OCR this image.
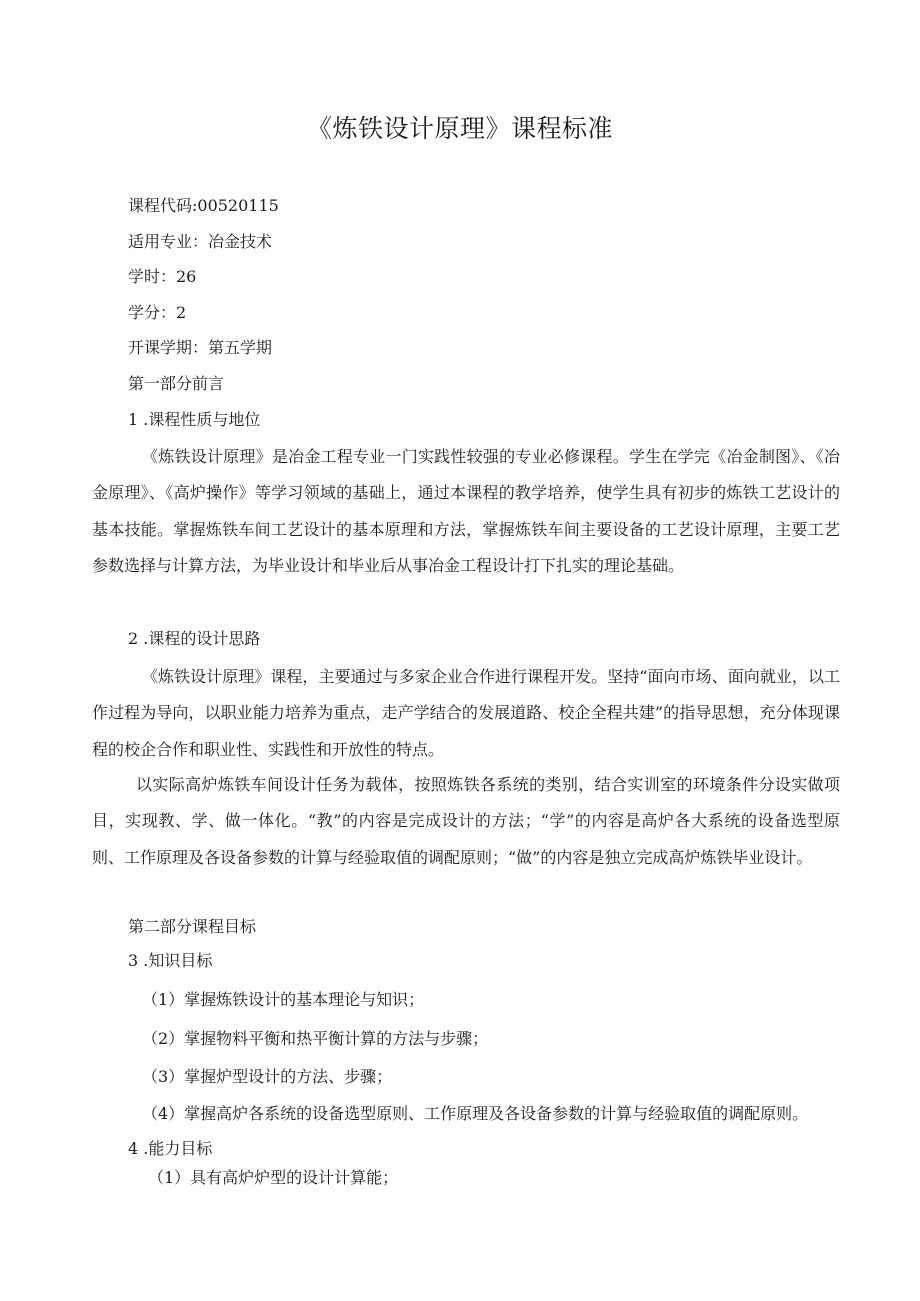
《炼铁设计原理》课程标准
课程代码:00520115
适用专业：冶金技术
学时：26
学分：2
开课学期：第五学期
第一部分前言
1 .课程性质与地位

《炼铁设计原理》是冶金工程专业一门实践性较强的专业必修课程。学生在学完《冶金制图》、《冶金原理》、《高炉操作》等学习领域的基础上，通过本课程的教学培养，使学生具有初步的炼铁工艺设计的基本技能。掌握炼铁车间工艺设计的基本原理和方法，掌握炼铁车间主要设备的工艺设计原理，主要工艺参数选择与计算方法，为毕业设计和毕业后从事冶金工程设计打下扎实的理论基础。

2 .课程的设计思路

《炼铁设计原理》课程，主要通过与多家企业合作进行课程开发。坚持“面向市场、面向就业，以工作过程为导向，以职业能力培养为重点，走产学结合的发展道路、校企全程共建”的指导思想，充分体现课程的校企合作和职业性、实践性和开放性的特点。

以实际高炉炼铁车间设计任务为载体，按照炼铁各系统的类别，结合实训室的环境条件分设实做项目，实现教、学、做一体化。“教”的内容是完成设计的方法；“学”的内容是高炉各大系统的设备选型原则、工作原理及各设备参数的计算与经验取值的调配原则；“做”的内容是独立完成高炉炼铁毕业设计。

第二部分课程目标
3 .知识目标
（1）掌握炼铁设计的基本理论与知识；
（2）掌握物料平衡和热平衡计算的方法与步骤；
（3）掌握炉型设计的方法、步骤；
（4）掌握高炉各系统的设备选型原则、工作原理及各设备参数的计算与经验取值的调配原则。
4 .能力目标
（1）具有高炉炉型的设计计算能；
